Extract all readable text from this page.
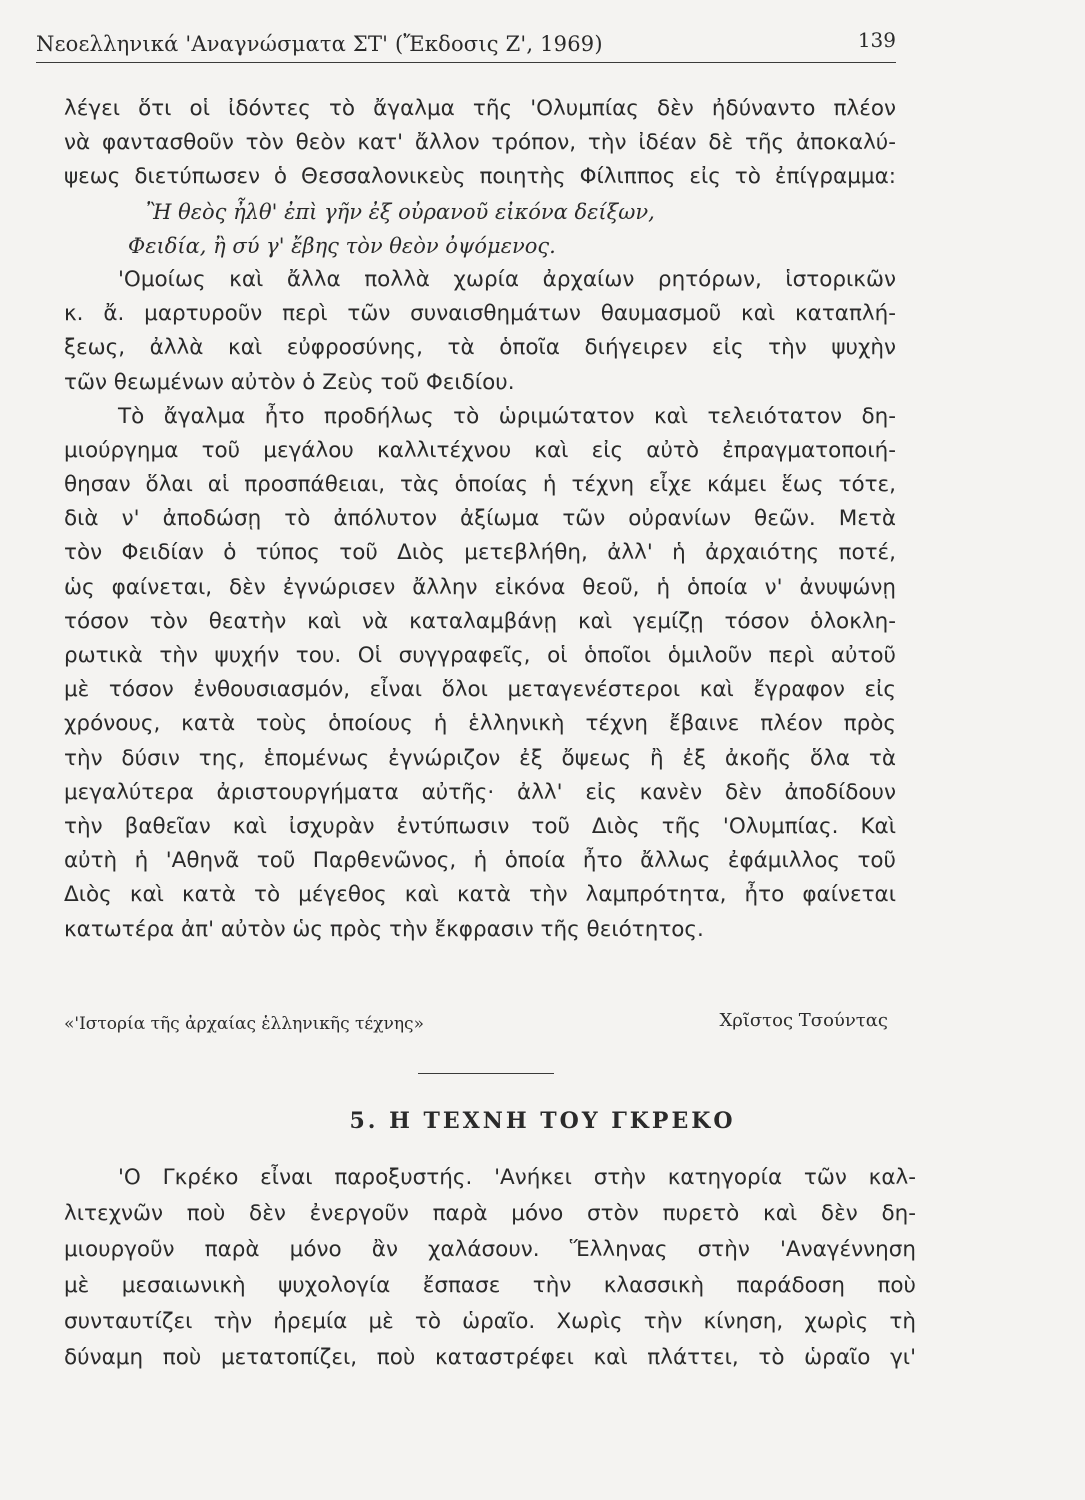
Νεοελληνικά 'Αναγνώσματα ΣΤ' (Ἔκδοσις Ζ', 1969)	139
λέγει ὅτι οἱ ἰδόντες τὸ ἄγαλμα τῆς 'Ολυμπίας δὲν ἠδύναντο πλέον
νὰ φαντασθοῦν τὸν θεὸν κατ' ἄλλον τρόπον, τὴν ἰδέαν δὲ τῆς ἀποκαλύ-
ψεως διετύπωσεν ὁ Θεσσαλονικεὺς ποιητὴς Φίλιππος εἰς τὸ ἐπίγραμμα:
Ἢ θεὸς ἦλθ' ἐπὶ γῆν ἐξ οὐρανοῦ εἰκόνα δείξων,
Φειδία, ἢ σύ γ' ἔβης τὸν θεὸν ὀψόμενος.
'Ομοίως καὶ ἄλλα πολλὰ χωρία ἀρχαίων ρητόρων, ἱστορικῶν
κ. ἄ. μαρτυροῦν περὶ τῶν συναισθημάτων θαυμασμοῦ καὶ καταπλή-
ξεως, ἀλλὰ καὶ εὐφροσύνης, τὰ ὁποῖα διήγειρεν εἰς τὴν ψυχὴν
τῶν θεωμένων αὐτὸν ὁ Ζεὺς τοῦ Φειδίου.
Τὸ ἄγαλμα ἦτο προδήλως τὸ ὡριμώτατον καὶ τελειότατον δη-
μιούργημα τοῦ μεγάλου καλλιτέχνου καὶ εἰς αὐτὸ ἐπραγματοποιή-
θησαν ὅλαι αἱ προσπάθειαι, τὰς ὁποίας ἡ τέχνη εἶχε κάμει ἕως τότε,
διὰ ν' ἀποδώσῃ τὸ ἀπόλυτον ἀξίωμα τῶν οὐρανίων θεῶν. Μετὰ
τὸν Φειδίαν ὁ τύπος τοῦ Διὸς μετεβλήθη, ἀλλ' ἡ ἀρχαιότης ποτέ,
ὡς φαίνεται, δὲν ἐγνώρισεν ἄλλην εἰκόνα θεοῦ, ἡ ὁποία ν' ἀνυψώνῃ
τόσον τὸν θεατὴν καὶ νὰ καταλαμβάνῃ καὶ γεμίζῃ τόσον ὁλοκλη-
ρωτικὰ τὴν ψυχήν του. Οἱ συγγραφεῖς, οἱ ὁποῖοι ὁμιλοῦν περὶ αὐτοῦ
μὲ τόσον ἐνθουσιασμόν, εἶναι ὅλοι μεταγενέστεροι καὶ ἔγραφον εἰς
χρόνους, κατὰ τοὺς ὁποίους ἡ ἑλληνικὴ τέχνη ἔβαινε πλέον πρὸς
τὴν δύσιν της, ἑπομένως ἐγνώριζον ἐξ ὄψεως ἢ ἐξ ἀκοῆς ὅλα τὰ
μεγαλύτερα ἀριστουργήματα αὐτῆς· ἀλλ' εἰς κανὲν δὲν ἀποδίδουν
τὴν βαθεῖαν καὶ ἰσχυρὰν ἐντύπωσιν τοῦ Διὸς τῆς 'Ολυμπίας. Καὶ
αὐτὴ ἡ 'Αθηνᾶ τοῦ Παρθενῶνος, ἡ ὁποία ἦτο ἄλλως ἐφάμιλλος τοῦ
Διὸς καὶ κατὰ τὸ μέγεθος καὶ κατὰ τὴν λαμπρότητα, ἦτο φαίνεται
κατωτέρα ἀπ' αὐτὸν ὡς πρὸς τὴν ἔκφρασιν τῆς θειότητος.
«'Ιστορία τῆς ἀρχαίας ἑλληνικῆς τέχνης»	Χρῖστος Τσούντας
5. Η ΤΕΧΝΗ ΤΟΥ ΓΚΡΕΚΟ
'Ο Γκρέκο εἶναι παροξυστής. 'Ανήκει στὴν κατηγορία τῶν καλ-
λιτεχνῶν ποὺ δὲν ἐνεργοῦν παρὰ μόνο στὸν πυρετὸ καὶ δὲν δη-
μιουργοῦν παρὰ μόνο ἂν χαλάσουν. Ἕλληνας στὴν 'Αναγέννηση
μὲ μεσαιωνικὴ ψυχολογία ἔσπασε τὴν κλασσικὴ παράδοση ποὺ
συνταυτίζει τὴν ἠρεμία μὲ τὸ ὡραῖο. Χωρὶς τὴν κίνηση, χωρὶς τὴ
δύναμη ποὺ μετατοπίζει, ποὺ καταστρέφει καὶ πλάττει, τὸ ὡραῖο γι'
